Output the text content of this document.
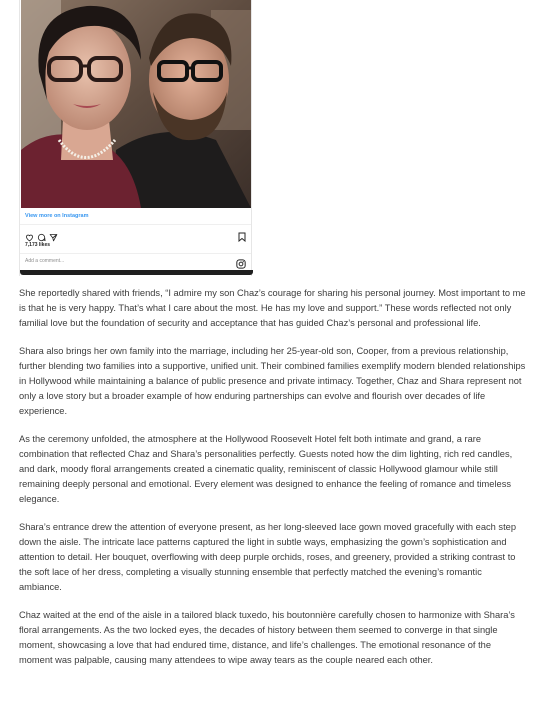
View more on Instagram
7,173 likes
Add a comment...

She reportedly shared with friends, “I admire my son Chaz’s courage for sharing his personal journey. Most important to me is that he is very happy. That’s what I care about the most. He has my love and support.” These words reflected not only familial love but the foundation of security and acceptance that has guided Chaz’s personal and professional life.

Shara also brings her own family into the marriage, including her 25-year-old son, Cooper, from a previous relationship, further blending two families into a supportive, unified unit. Their combined families exemplify modern blended relationships in Hollywood while maintaining a balance of public presence and private intimacy. Together, Chaz and Shara represent not only a love story but a broader example of how enduring partnerships can evolve and flourish over decades of life experience.

As the ceremony unfolded, the atmosphere at the Hollywood Roosevelt Hotel felt both intimate and grand, a rare combination that reflected Chaz and Shara’s personalities perfectly. Guests noted how the dim lighting, rich red candles, and dark, moody floral arrangements created a cinematic quality, reminiscent of classic Hollywood glamour while still remaining deeply personal and emotional. Every element was designed to enhance the feeling of romance and timeless elegance.

Shara’s entrance drew the attention of everyone present, as her long-sleeved lace gown moved gracefully with each step down the aisle. The intricate lace patterns captured the light in subtle ways, emphasizing the gown’s sophistication and attention to detail. Her bouquet, overflowing with deep purple orchids, roses, and greenery, provided a striking contrast to the soft lace of her dress, completing a visually stunning ensemble that perfectly matched the evening’s romantic ambiance.

Chaz waited at the end of the aisle in a tailored black tuxedo, his boutonnière carefully chosen to harmonize with Shara’s floral arrangements. As the two locked eyes, the decades of history between them seemed to converge in that single moment, showcasing a love that had endured time, distance, and life’s challenges. The emotional resonance of the moment was palpable, causing many attendees to wipe away tears as the couple neared each other.
